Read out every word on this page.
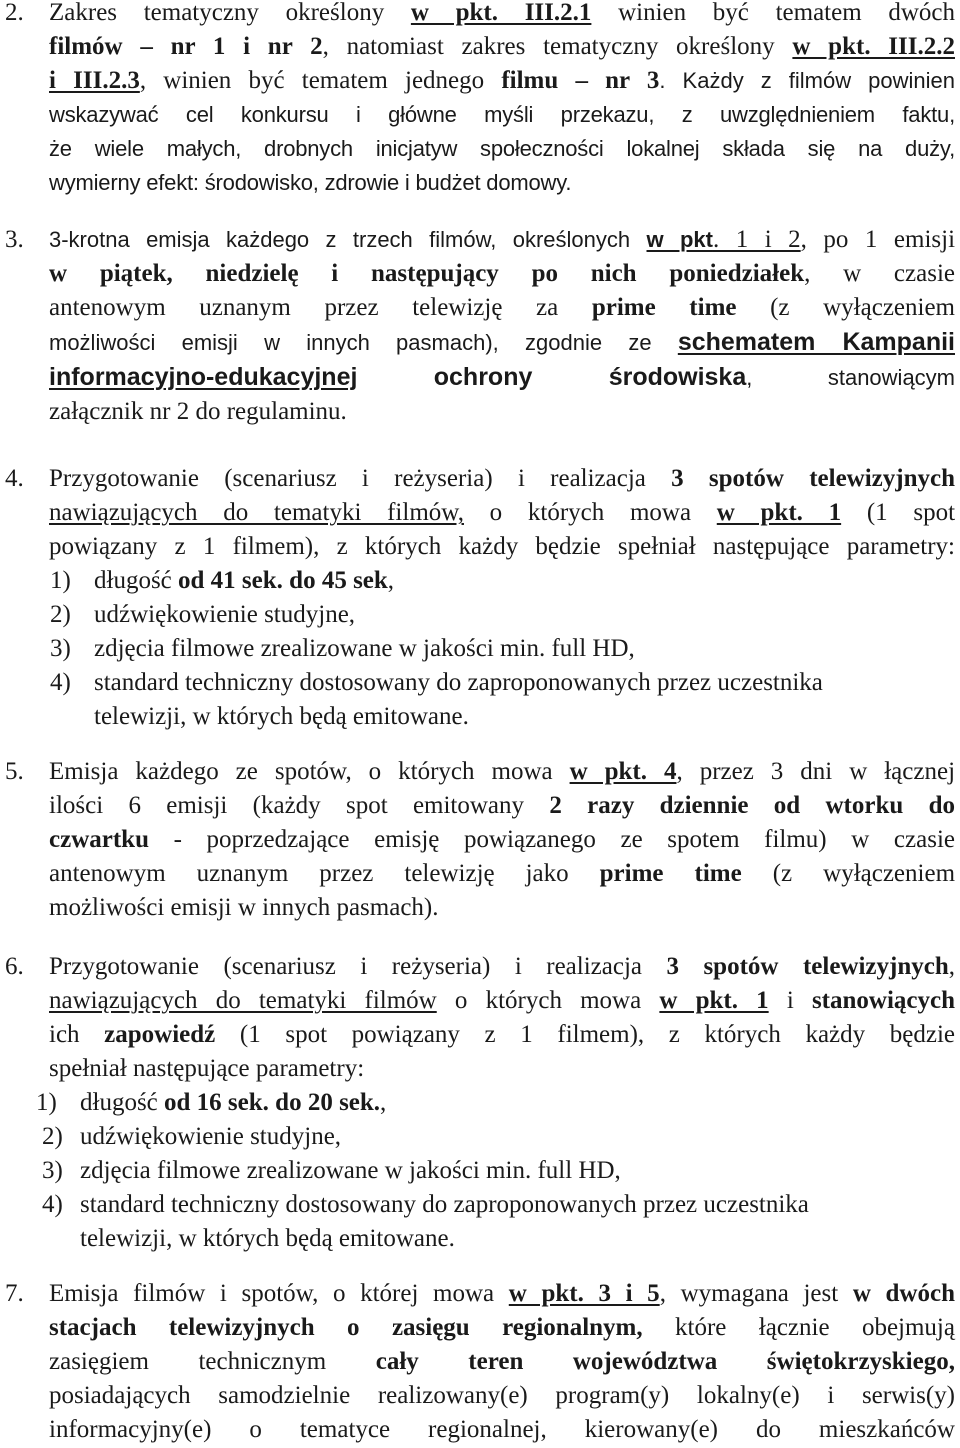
2. Zakres tematyczny określony w pkt. III.2.1 winien być tematem dwóch
filmów – nr 1 i nr 2, natomiast zakres tematyczny określony w pkt. III.2.2
i III.2.3, winien być tematem jednego filmu – nr 3. Każdy z filmów powinien
wskazywać cel konkursu i główne myśli przekazu, z uwzględnieniem faktu,
że wiele małych, drobnych inicjatyw społeczności lokalnej składa się na duży,
wymierny efekt: środowisko, zdrowie i budżet domowy.
3. 3-krotna emisja każdego z trzech filmów, określonych w pkt. 1 i 2, po 1 emisji
w piątek, niedzielę i następujący po nich poniedziałek, w czasie
antenowym uznanym przez telewizję za prime time (z wyłączeniem
możliwości emisji w innych pasmach), zgodnie ze schematem Kampanii
informacyjno-edukacyjnej ochrony środowiska, stanowiącym
załącznik nr 2 do regulaminu.
4. Przygotowanie (scenariusz i reżyseria) i realizacja 3 spotów telewizyjnych
nawiązujących do tematyki filmów, o których mowa w pkt. 1 (1 spot
powiązany z 1 filmem), z których każdy będzie spełniał następujące parametry:
1) długość od 41 sek. do 45 sek,
2) udźwiękowienie studyjne,
3) zdjęcia filmowe zrealizowane w jakości min. full HD,
4) standard techniczny dostosowany do zaproponowanych przez uczestnika
telewizji, w których będą emitowane.
5. Emisja każdego ze spotów, o których mowa w pkt. 4, przez 3 dni w łącznej
ilości 6 emisji (każdy spot emitowany 2 razy dziennie od wtorku do
czwartku - poprzedzające emisję powiązanego ze spotem filmu) w czasie
antenowym uznanym przez telewizję jako prime time (z wyłączeniem
możliwości emisji w innych pasmach).
6. Przygotowanie (scenariusz i reżyseria) i realizacja 3 spotów telewizyjnych,
nawiązujących do tematyki filmów o których mowa w pkt. 1 i stanowiących
ich zapowiedź (1 spot powiązany z 1 filmem), z których każdy będzie
spełniał następujące parametry:
1) długość od 16 sek. do 20 sek.,
2) udźwiękowienie studyjne,
3) zdjęcia filmowe zrealizowane w jakości min. full HD,
4) standard techniczny dostosowany do zaproponowanych przez uczestnika
telewizji, w których będą emitowane.
7. Emisja filmów i spotów, o której mowa w pkt. 3 i 5, wymagana jest w dwóch
stacjach telewizyjnych o zasięgu regionalnym, które łącznie obejmują
zasięgiem technicznym cały teren województwa świętokrzyskiego,
posiadających samodzielnie realizowany(e) program(y) lokalny(e) i serwis(y)
informacyjny(e) o tematyce regionalnej, kierowany(e) do mieszkańców
